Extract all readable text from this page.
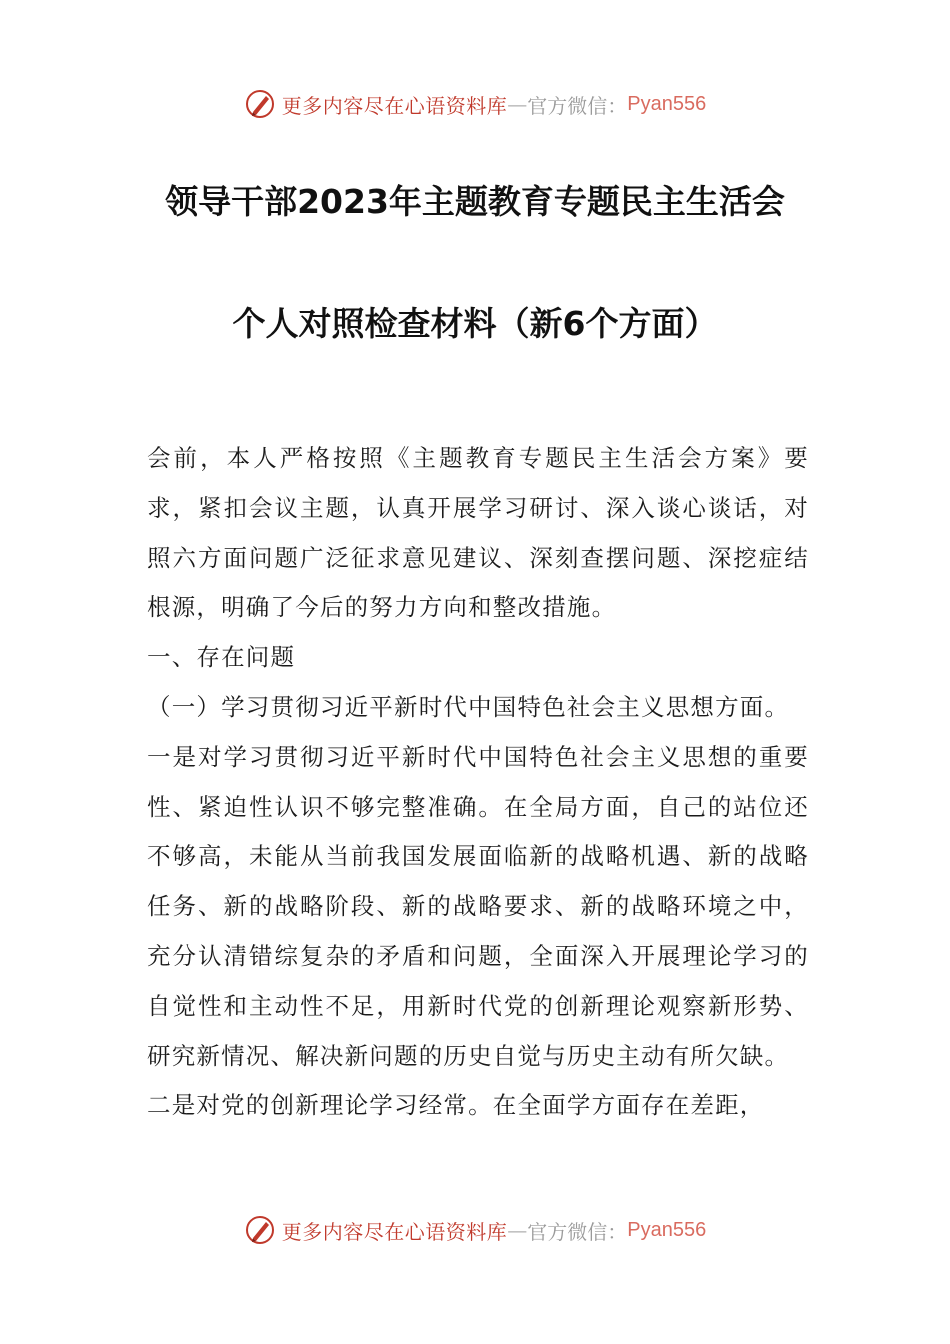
更多内容尽在心语资料库 — 官方微信： Pyan556
领导干部2023年主题教育专题民主生活会
个人对照检查材料（新6个方面）

会前，本人严格按照《主题教育专题民主生活会方案》要求，紧扣会议主题，认真开展学习研讨、深入谈心谈话，对照六方面问题广泛征求意见建议、深刻查摆问题、深挖症结根源，明确了今后的努力方向和整改措施。

一、存在问题

（一）学习贯彻习近平新时代中国特色社会主义思想方面。

一是对学习贯彻习近平新时代中国特色社会主义思想的重要性、紧迫性认识不够完整准确。在全局方面，自己的站位还不够高，未能从当前我国发展面临新的战略机遇、新的战略任务、新的战略阶段、新的战略要求、新的战略环境之中，充分认清错综复杂的矛盾和问题，全面深入开展理论学习的自觉性和主动性不足，用新时代党的创新理论观察新形势、研究新情况、解决新问题的历史自觉与历史主动有所欠缺。

二是对党的创新理论学习经常。在全面学方面存在差距，

更多内容尽在心语资料库 — 官方微信： Pyan556
